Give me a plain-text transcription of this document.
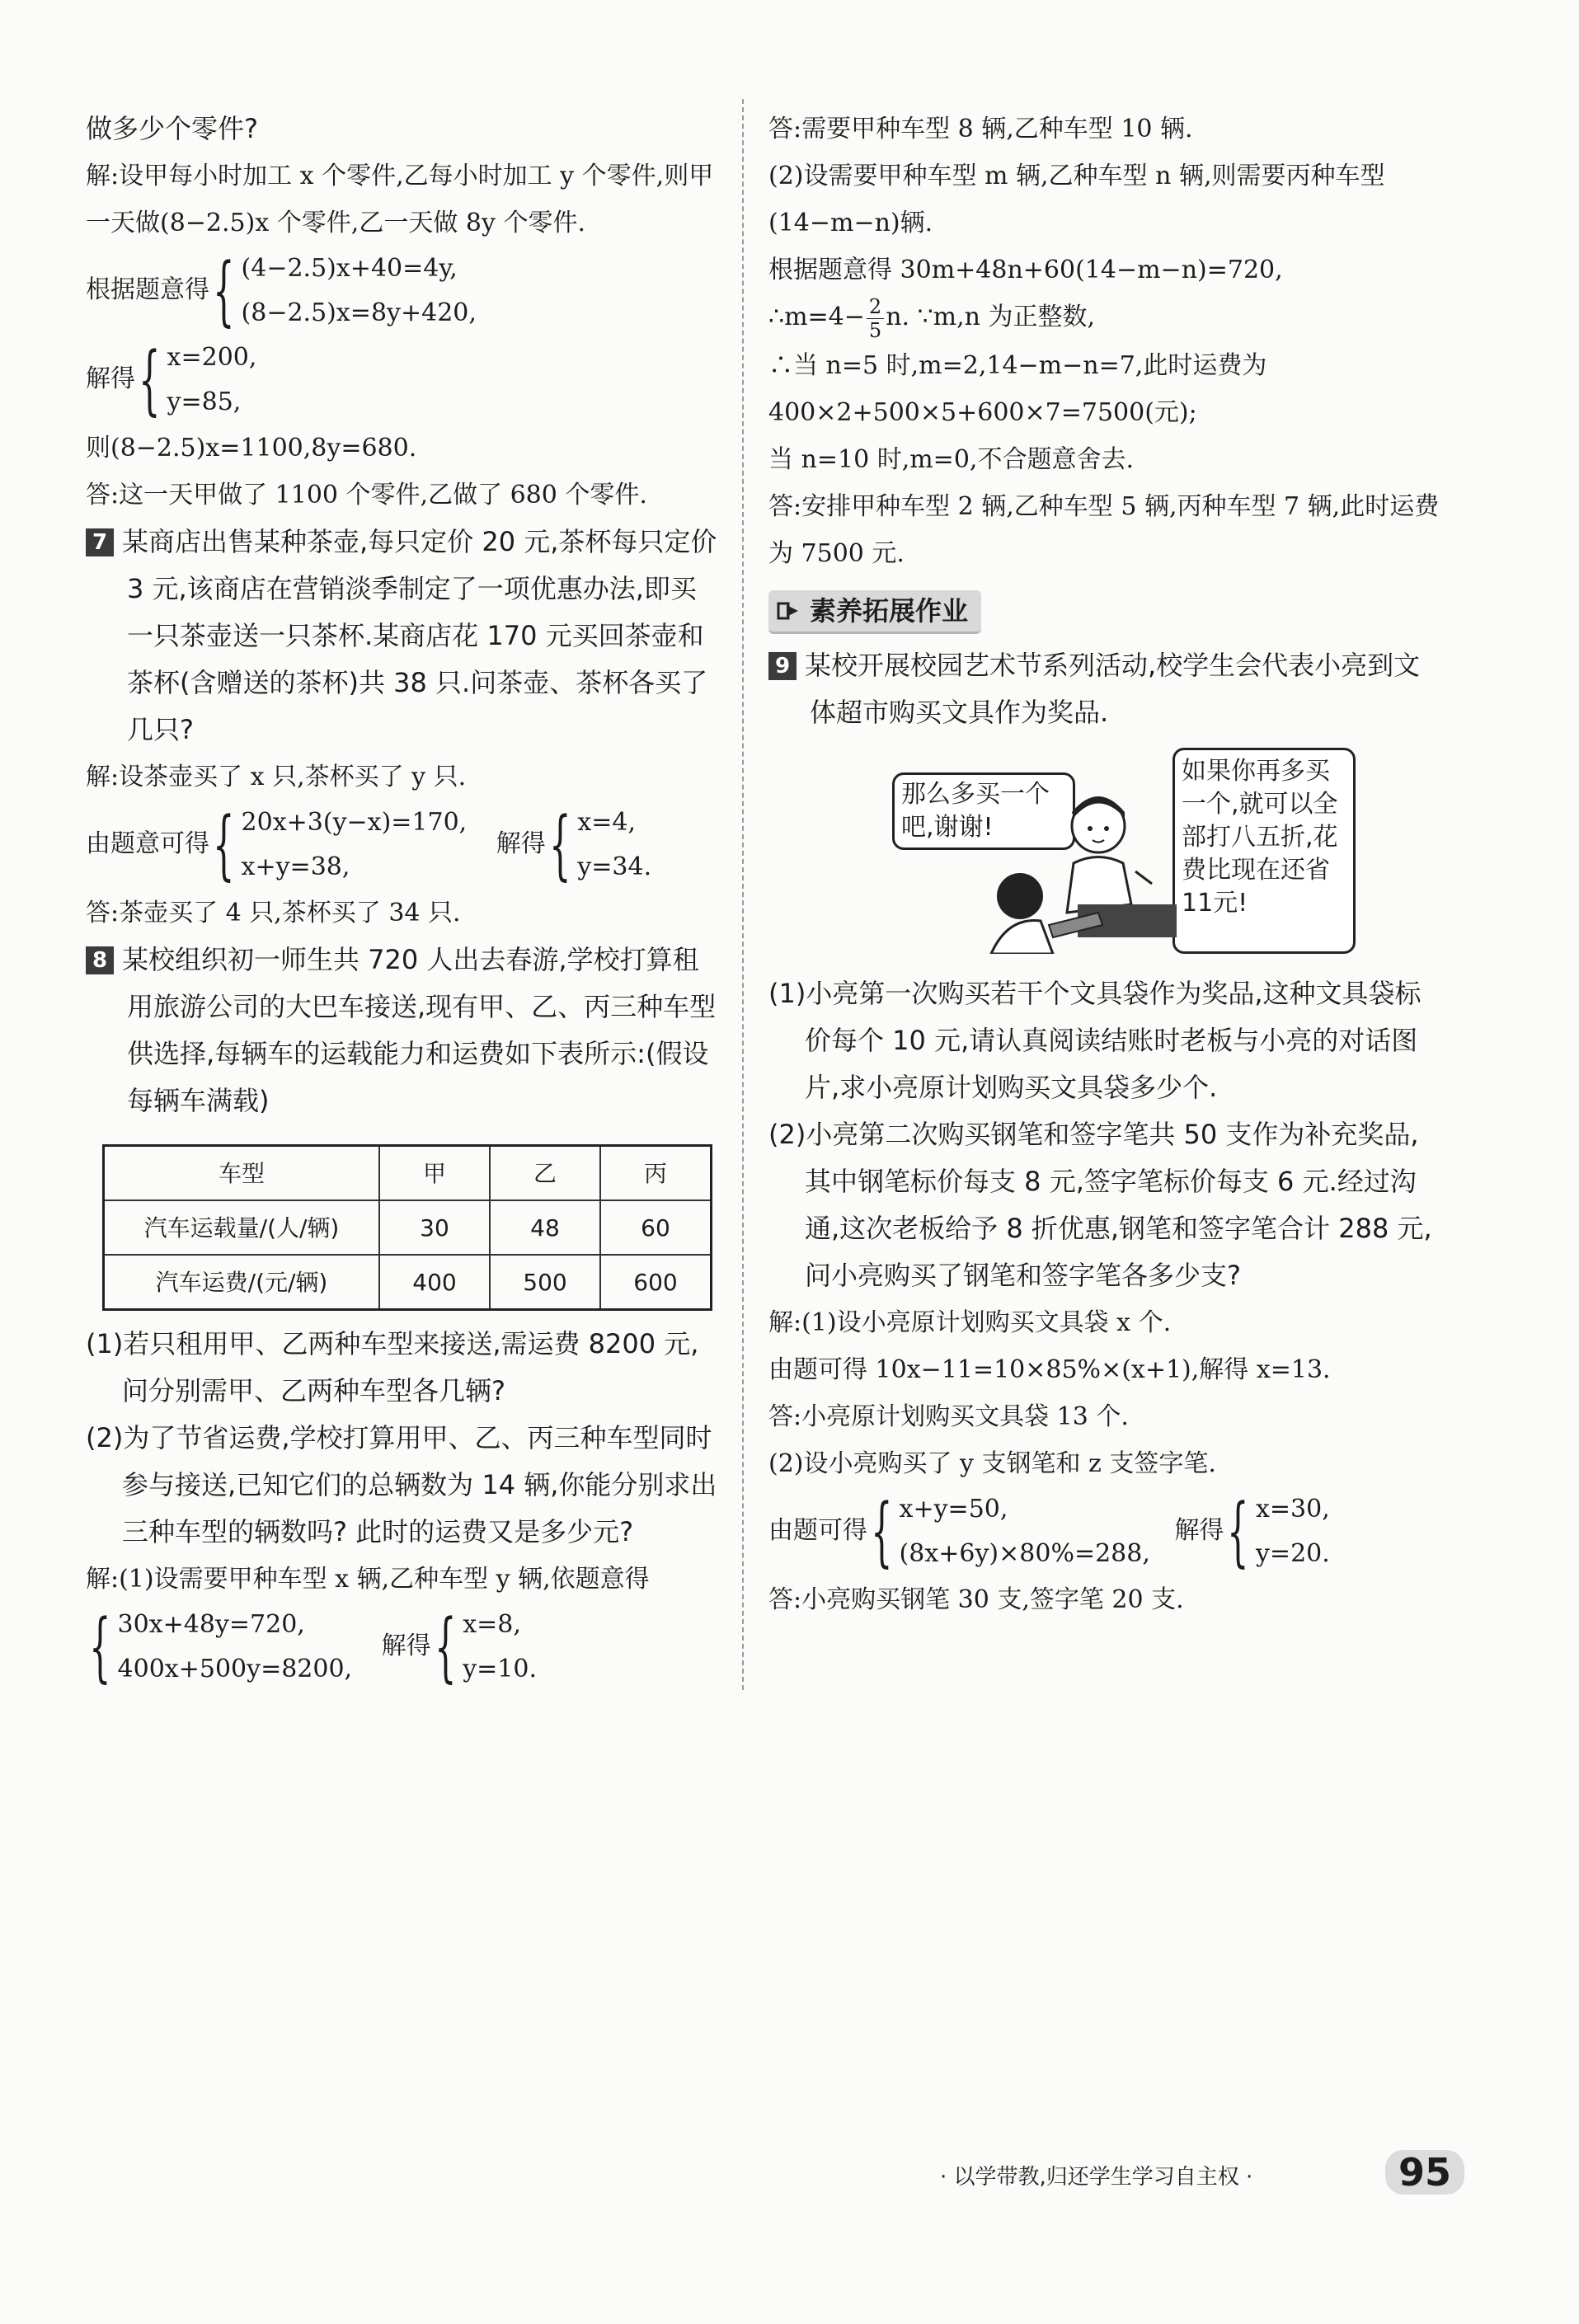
做多少个零件?

解:设甲每小时加工 x 个零件,乙每小时加工 y 个零件,则甲一天做(8−2.5)x 个零件,乙一天做 8y 个零件.

根据题意得 { (4−2.5)x+40=4y,
(8−2.5)x=8y+420,

解得 { x=200,
y=85,

则(8−2.5)x=1100,8y=680.

答:这一天甲做了 1100 个零件,乙做了 680 个零件.

7 某商店出售某种茶壶,每只定价 20 元,茶杯每只定价 3 元,该商店在营销淡季制定了一项优惠办法,即买一只茶壶送一只茶杯.某商店花 170 元买回茶壶和茶杯(含赠送的茶杯)共 38 只.问茶壶、茶杯各买了几只?

解:设茶壶买了 x 只,茶杯买了 y 只.

由题意可得 { 20x+3(y−x)=170,
x+y=38,
解得 { x=4,
y=34.

答:茶壶买了 4 只,茶杯买了 34 只.

8 某校组织初一师生共 720 人出去春游,学校打算租用旅游公司的大巴车接送,现有甲、乙、丙三种车型供选择,每辆车的运载能力和运费如下表所示:(假设每辆车满载)

车型	甲	乙	丙
汽车运载量/(人/辆)	30	48	60
汽车运费/(元/辆)	400	500	600

(1)若只租用甲、乙两种车型来接送,需运费 8200 元,问分别需甲、乙两种车型各几辆?

(2)为了节省运费,学校打算用甲、乙、丙三种车型同时参与接送,已知它们的总辆数为 14 辆,你能分别求出三种车型的辆数吗? 此时的运费又是多少元?

解:(1)设需要甲种车型 x 辆,乙种车型 y 辆,依题意得

{ 30x+48y=720,
400x+500y=8200,
解得 { x=8,
y=10.

答:需要甲种车型 8 辆,乙种车型 10 辆.

(2)设需要甲种车型 m 辆,乙种车型 n 辆,则需要丙种车型(14−m−n)辆.

根据题意得 30m+48n+60(14−m−n)=720,

∴m=4− $\frac{2}{5} n$. ∵m,n 为正整数,

∴当 n=5 时,m=2,14−m−n=7,此时运费为 400×2+500×5+600×7=7500(元);

当 n=10 时,m=0,不合题意舍去.

答:安排甲种车型 2 辆,乙种车型 5 辆,丙种车型 7 辆,此时运费为 7500 元.

素养拓展作业

9 某校开展校园艺术节系列活动,校学生会代表小亮到文体超市购买文具作为奖品.

那么多买一个吧,谢谢!
如果你再多买一个,就可以全部打八五折,花费比现在还省11元!

(1)小亮第一次购买若干个文具袋作为奖品,这种文具袋标价每个 10 元,请认真阅读结账时老板与小亮的对话图片,求小亮原计划购买文具袋多少个.

(2)小亮第二次购买钢笔和签字笔共 50 支作为补充奖品,其中钢笔标价每支 8 元,签字笔标价每支 6 元.经过沟通,这次老板给予 8 折优惠,钢笔和签字笔合计 288 元,问小亮购买了钢笔和签字笔各多少支?

解:(1)设小亮原计划购买文具袋 x 个.

由题可得 10x−11=10×85%×(x+1),解得 x=13.

答:小亮原计划购买文具袋 13 个.

(2)设小亮购买了 y 支钢笔和 z 支签字笔.

由题可得 { x+y=50,
(8x+6y)×80%=288,
解得 { x=30,
y=20.

答:小亮购买钢笔 30 支,签字笔 20 支.

· 以学带教,归还学生学习自主权 ·	95
